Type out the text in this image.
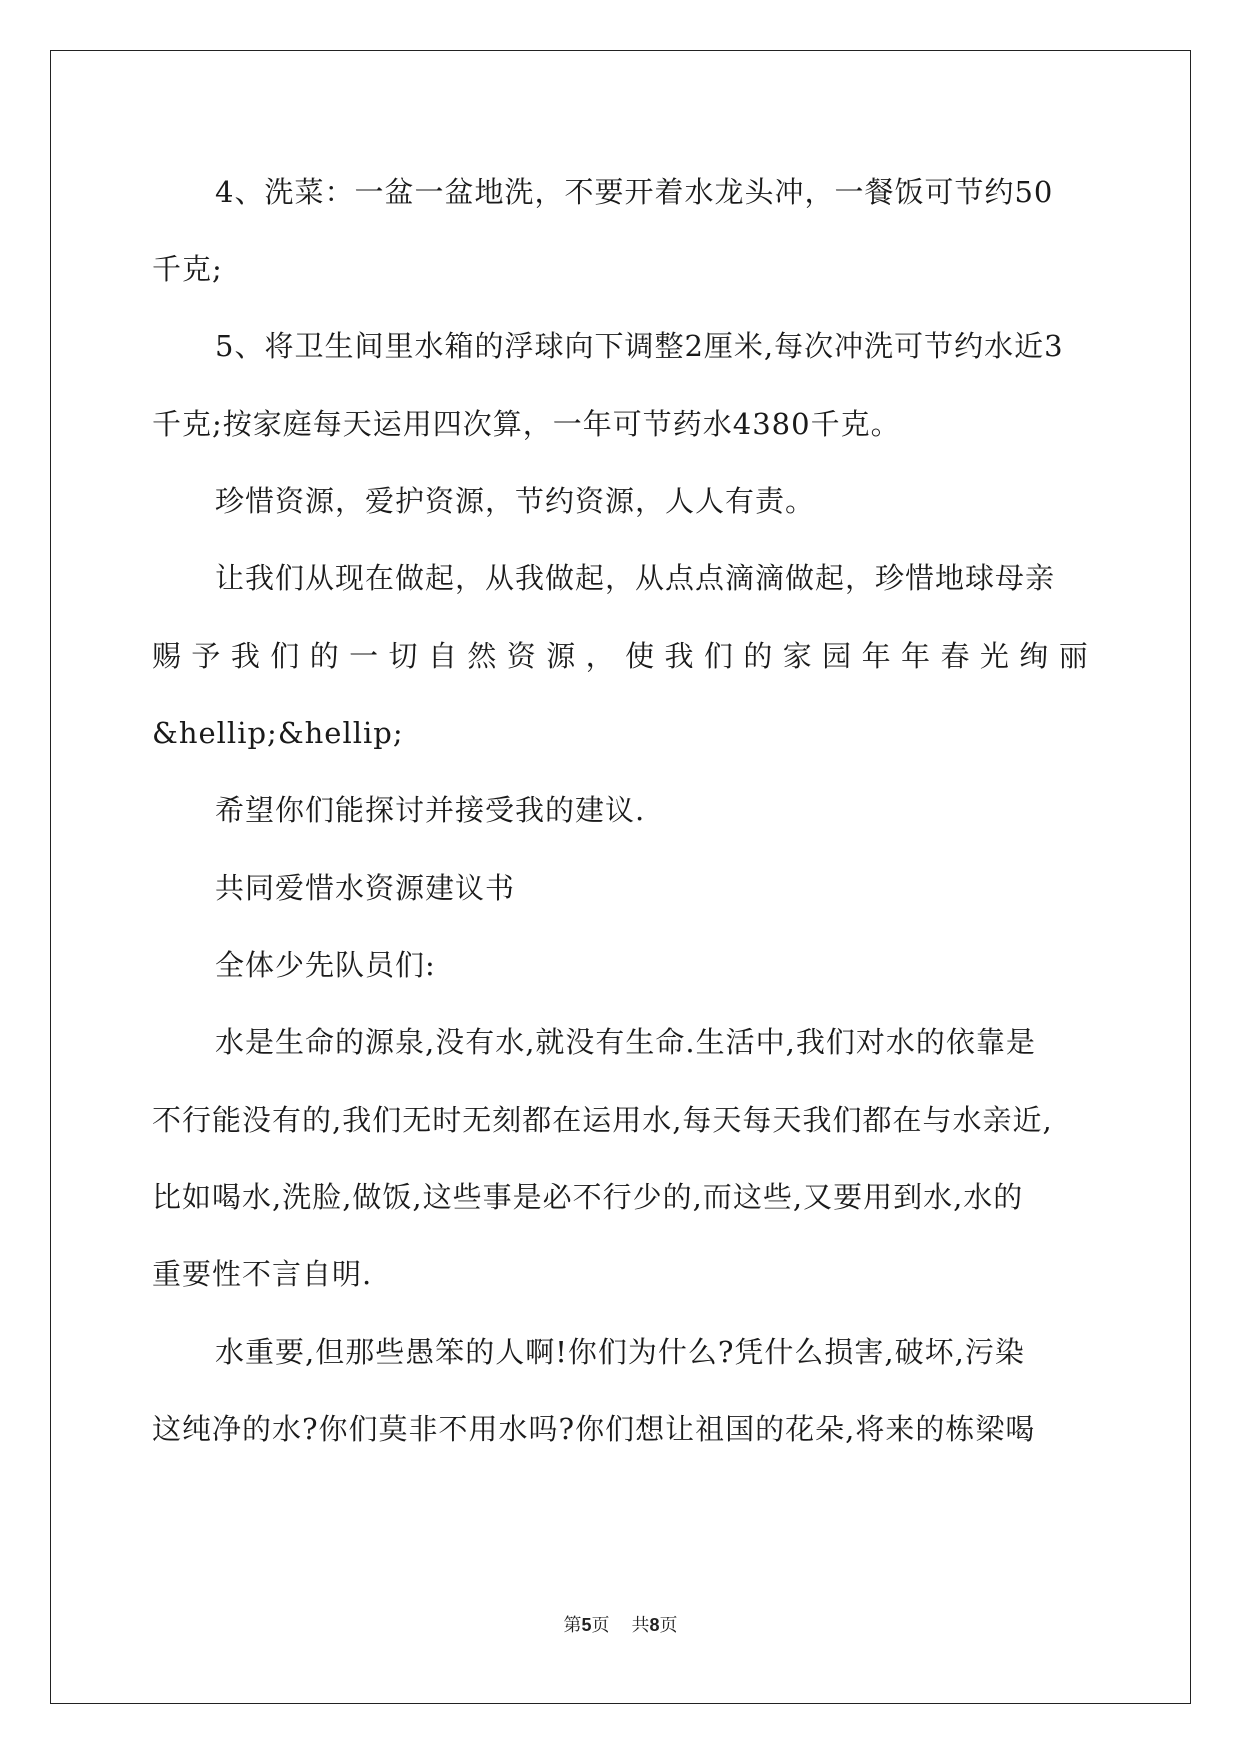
4、洗菜：一盆一盆地洗，不要开着水龙头冲，一餐饭可节约50
千克;
5、将卫生间里水箱的浮球向下调整2厘米,每次冲洗可节约水近3
千克;按家庭每天运用四次算，一年可节药水4380千克。
珍惜资源，爱护资源，节约资源，人人有责。
让我们从现在做起，从我做起，从点点滴滴做起，珍惜地球母亲
赐 予 我 们 的 一 切 自 然 资 源 ， 使 我 们 的 家 园 年 年 春 光 绚 丽
&hellip;&hellip;
希望你们能探讨并接受我的建议.
共同爱惜水资源建议书
全体少先队员们:
水是生命的源泉,没有水,就没有生命.生活中,我们对水的依靠是
不行能没有的,我们无时无刻都在运用水,每天每天我们都在与水亲近,
比如喝水,洗脸,做饭,这些事是必不行少的,而这些,又要用到水,水的
重要性不言自明.
水重要,但那些愚笨的人啊!你们为什么?凭什么损害,破坏,污染
这纯净的水?你们莫非不用水吗?你们想让祖国的花朵,将来的栋梁喝
第5页 共8页
